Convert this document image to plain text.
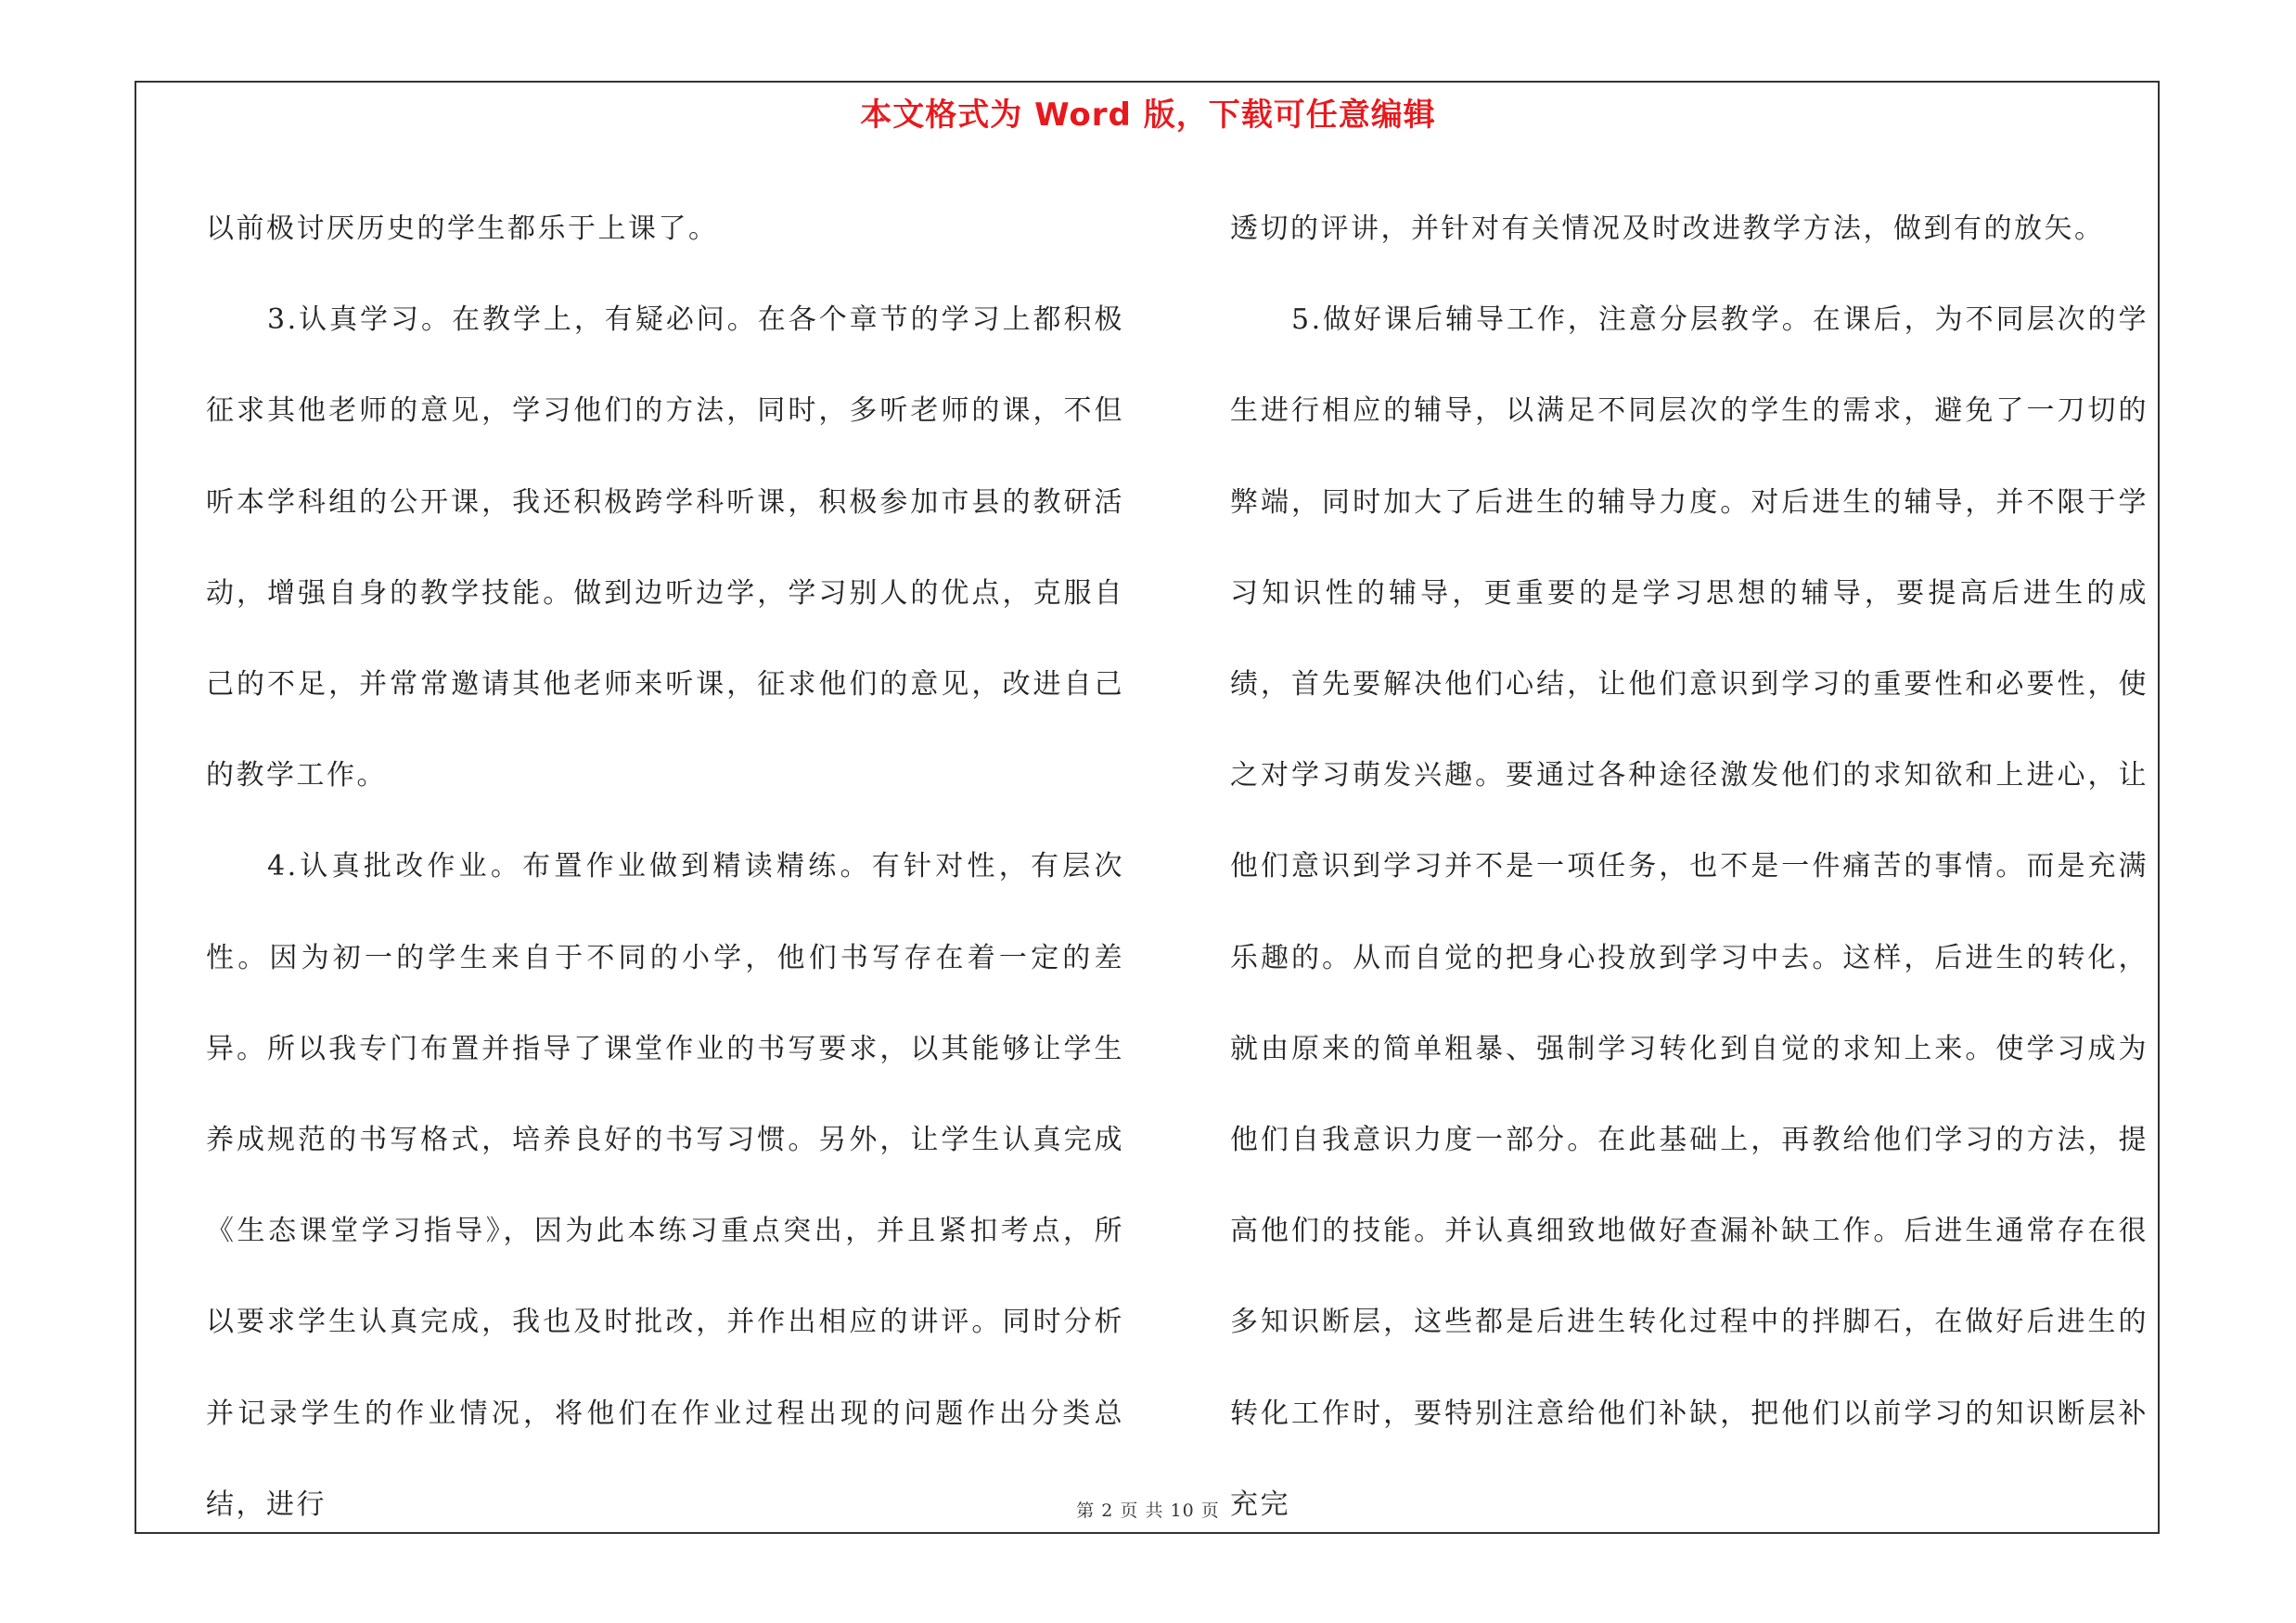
本文格式为 Word 版，下载可任意编辑

以前极讨厌历史的学生都乐于上课了。

3.认真学习。在教学上，有疑必问。在各个章节的学习上都积极征求其他老师的意见，学习他们的方法，同时，多听老师的课，不但听本学科组的公开课，我还积极跨学科听课，积极参加市县的教研活动，增强自身的教学技能。做到边听边学，学习别人的优点，克服自己的不足，并常常邀请其他老师来听课，征求他们的意见，改进自己的教学工作。

4.认真批改作业。布置作业做到精读精练。有针对性，有层次性。因为初一的学生来自于不同的小学，他们书写存在着一定的差异。所以我专门布置并指导了课堂作业的书写要求，以其能够让学生养成规范的书写格式，培养良好的书写习惯。另外，让学生认真完成《生态课堂学习指导》，因为此本练习重点突出，并且紧扣考点，所以要求学生认真完成，我也及时批改，并作出相应的讲评。同时分析并记录学生的作业情况，将他们在作业过程出现的问题作出分类总结，进行

透切的评讲，并针对有关情况及时改进教学方法，做到有的放矢。

5.做好课后辅导工作，注意分层教学。在课后，为不同层次的学生进行相应的辅导，以满足不同层次的学生的需求，避免了一刀切的弊端，同时加大了后进生的辅导力度。对后进生的辅导，并不限于学习知识性的辅导，更重要的是学习思想的辅导，要提高后进生的成绩，首先要解决他们心结，让他们意识到学习的重要性和必要性，使之对学习萌发兴趣。要通过各种途径激发他们的求知欲和上进心，让他们意识到学习并不是一项任务，也不是一件痛苦的事情。而是充满乐趣的。从而自觉的把身心投放到学习中去。这样，后进生的转化，就由原来的简单粗暴、强制学习转化到自觉的求知上来。使学习成为他们自我意识力度一部分。在此基础上，再教给他们学习的方法，提高他们的技能。并认真细致地做好查漏补缺工作。后进生通常存在很多知识断层，这些都是后进生转化过程中的拌脚石，在做好后进生的转化工作时，要特别注意给他们补缺，把他们以前学习的知识断层补充完

第 2 页 共 10 页
